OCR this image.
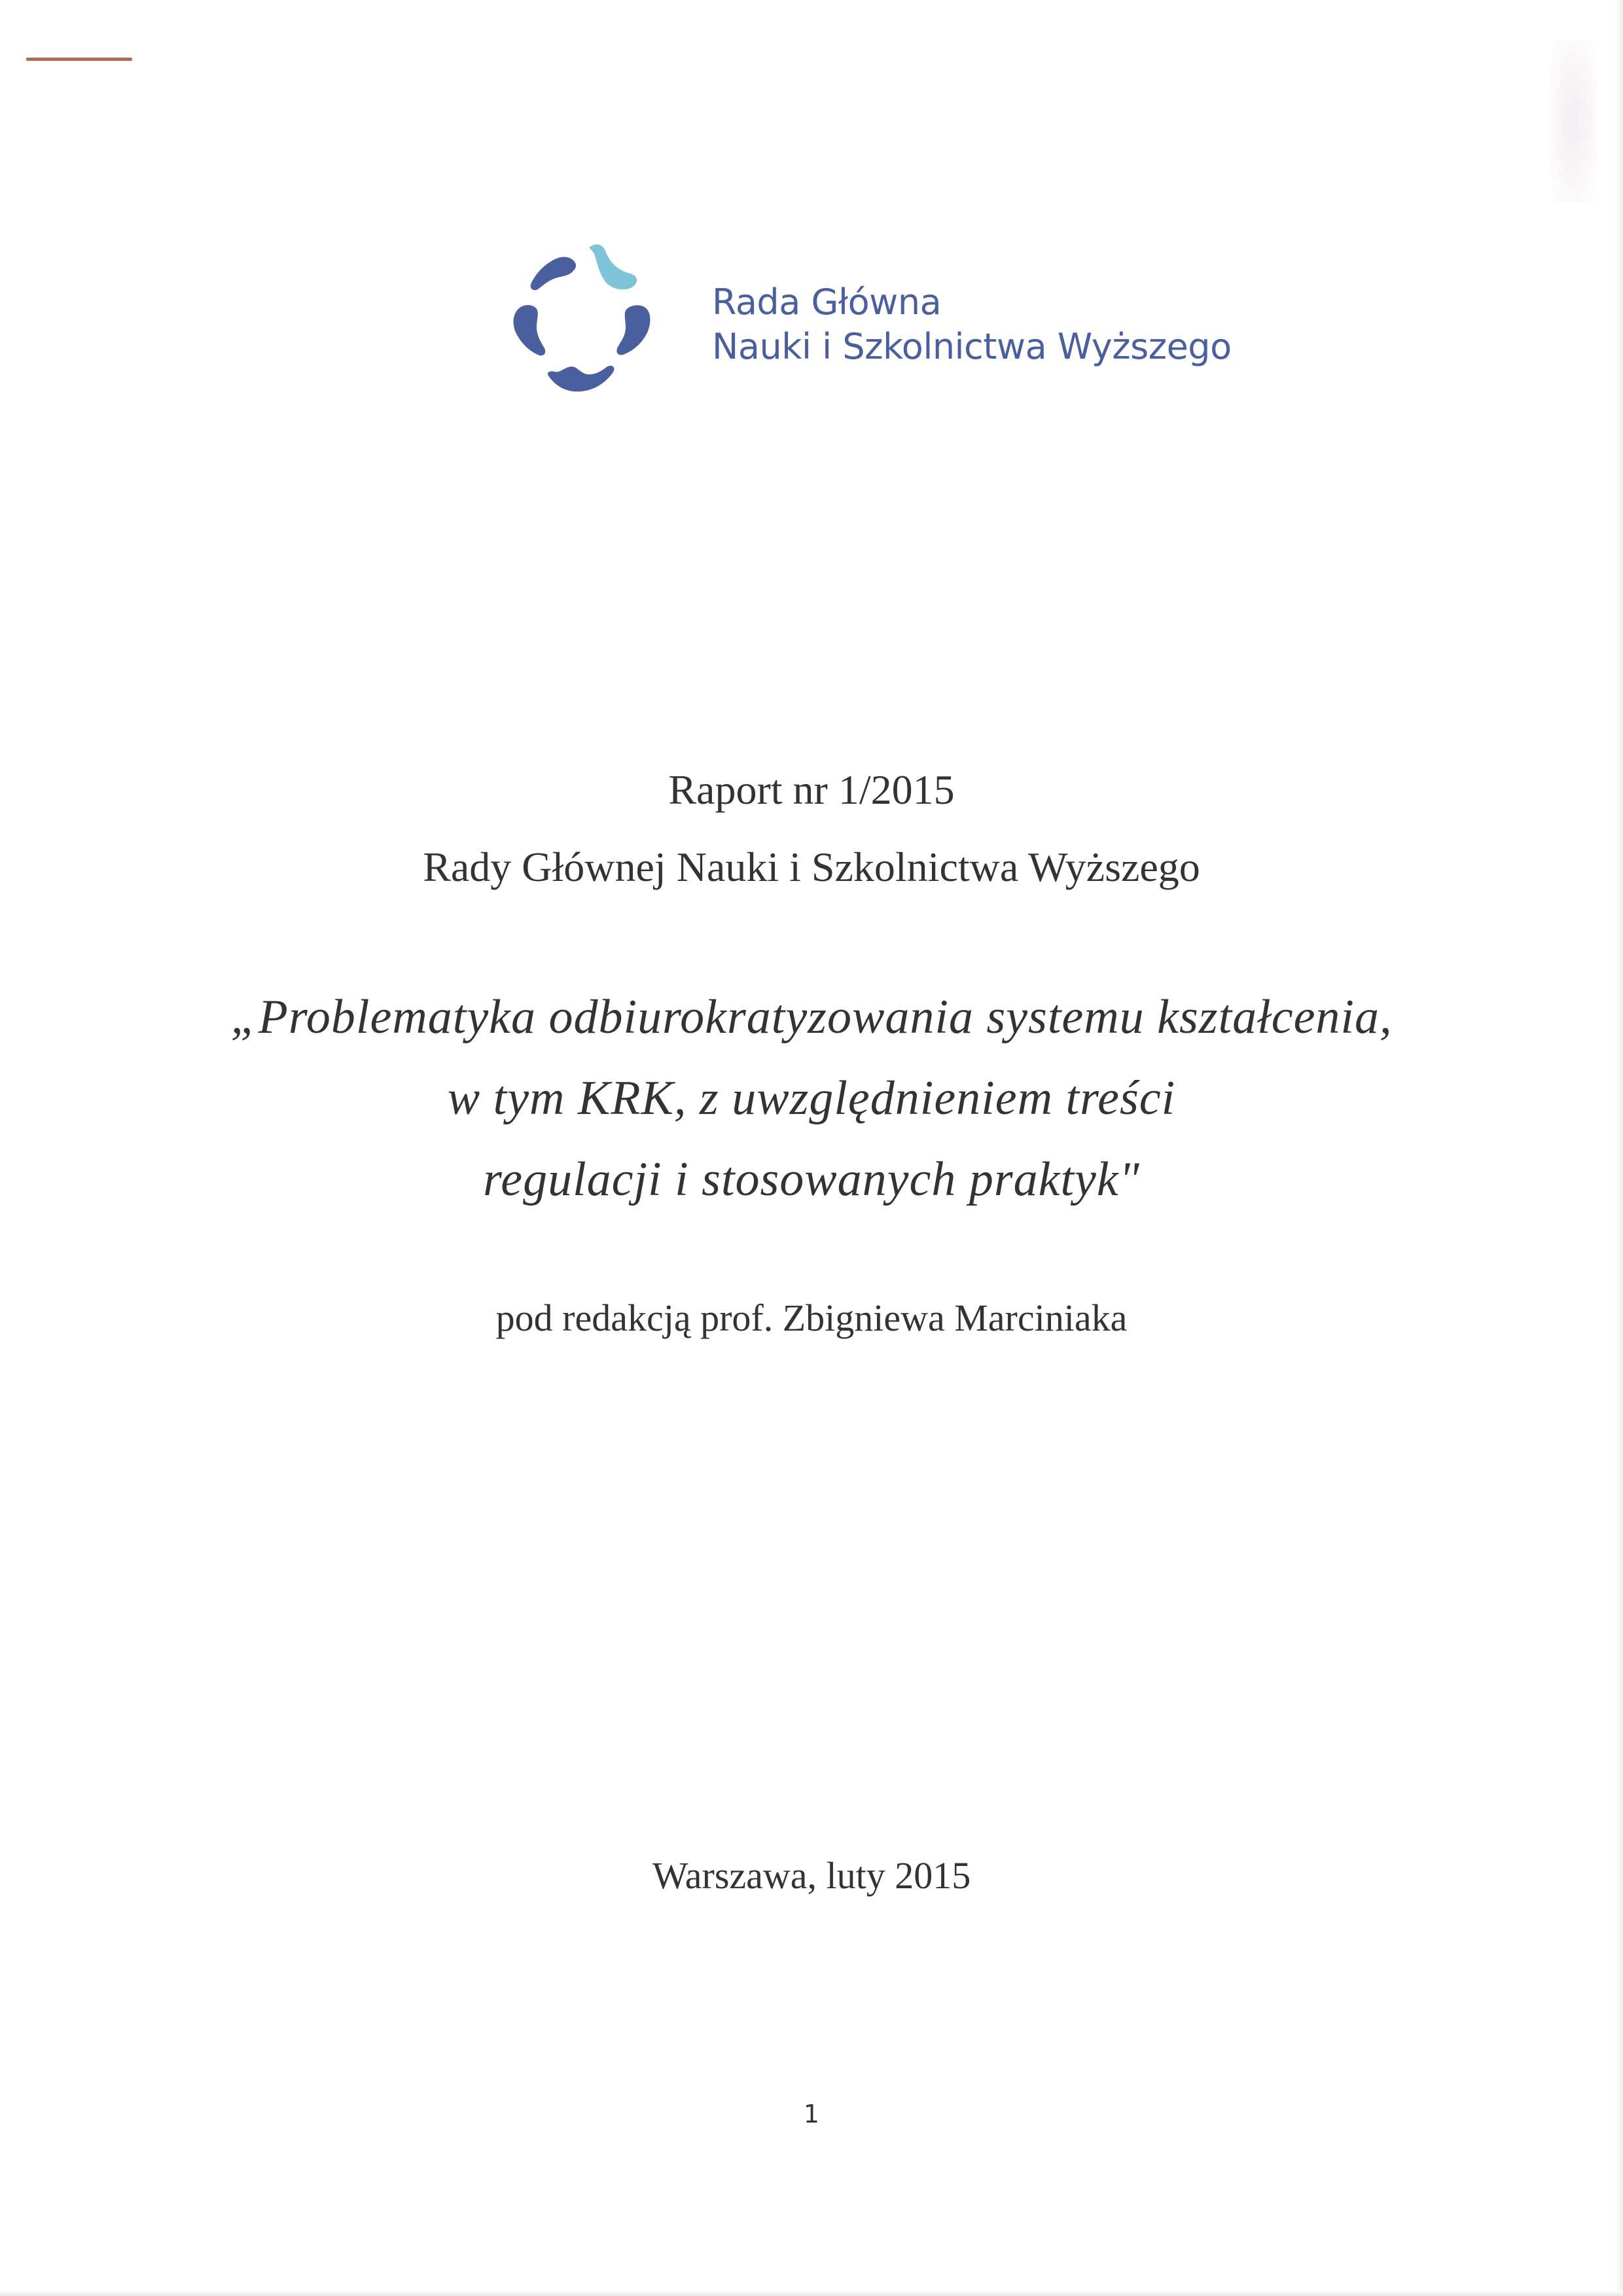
Rada Główna
Nauki i Szkolnictwa Wyższego
Raport nr 1/2015
Rady Głównej Nauki i Szkolnictwa Wyższego
„Problematyka odbiurokratyzowania systemu kształcenia,
w tym KRK, z uwzględnieniem treści
regulacji i stosowanych praktyk"
pod redakcją prof. Zbigniewa Marciniaka
Warszawa, luty 2015
1
